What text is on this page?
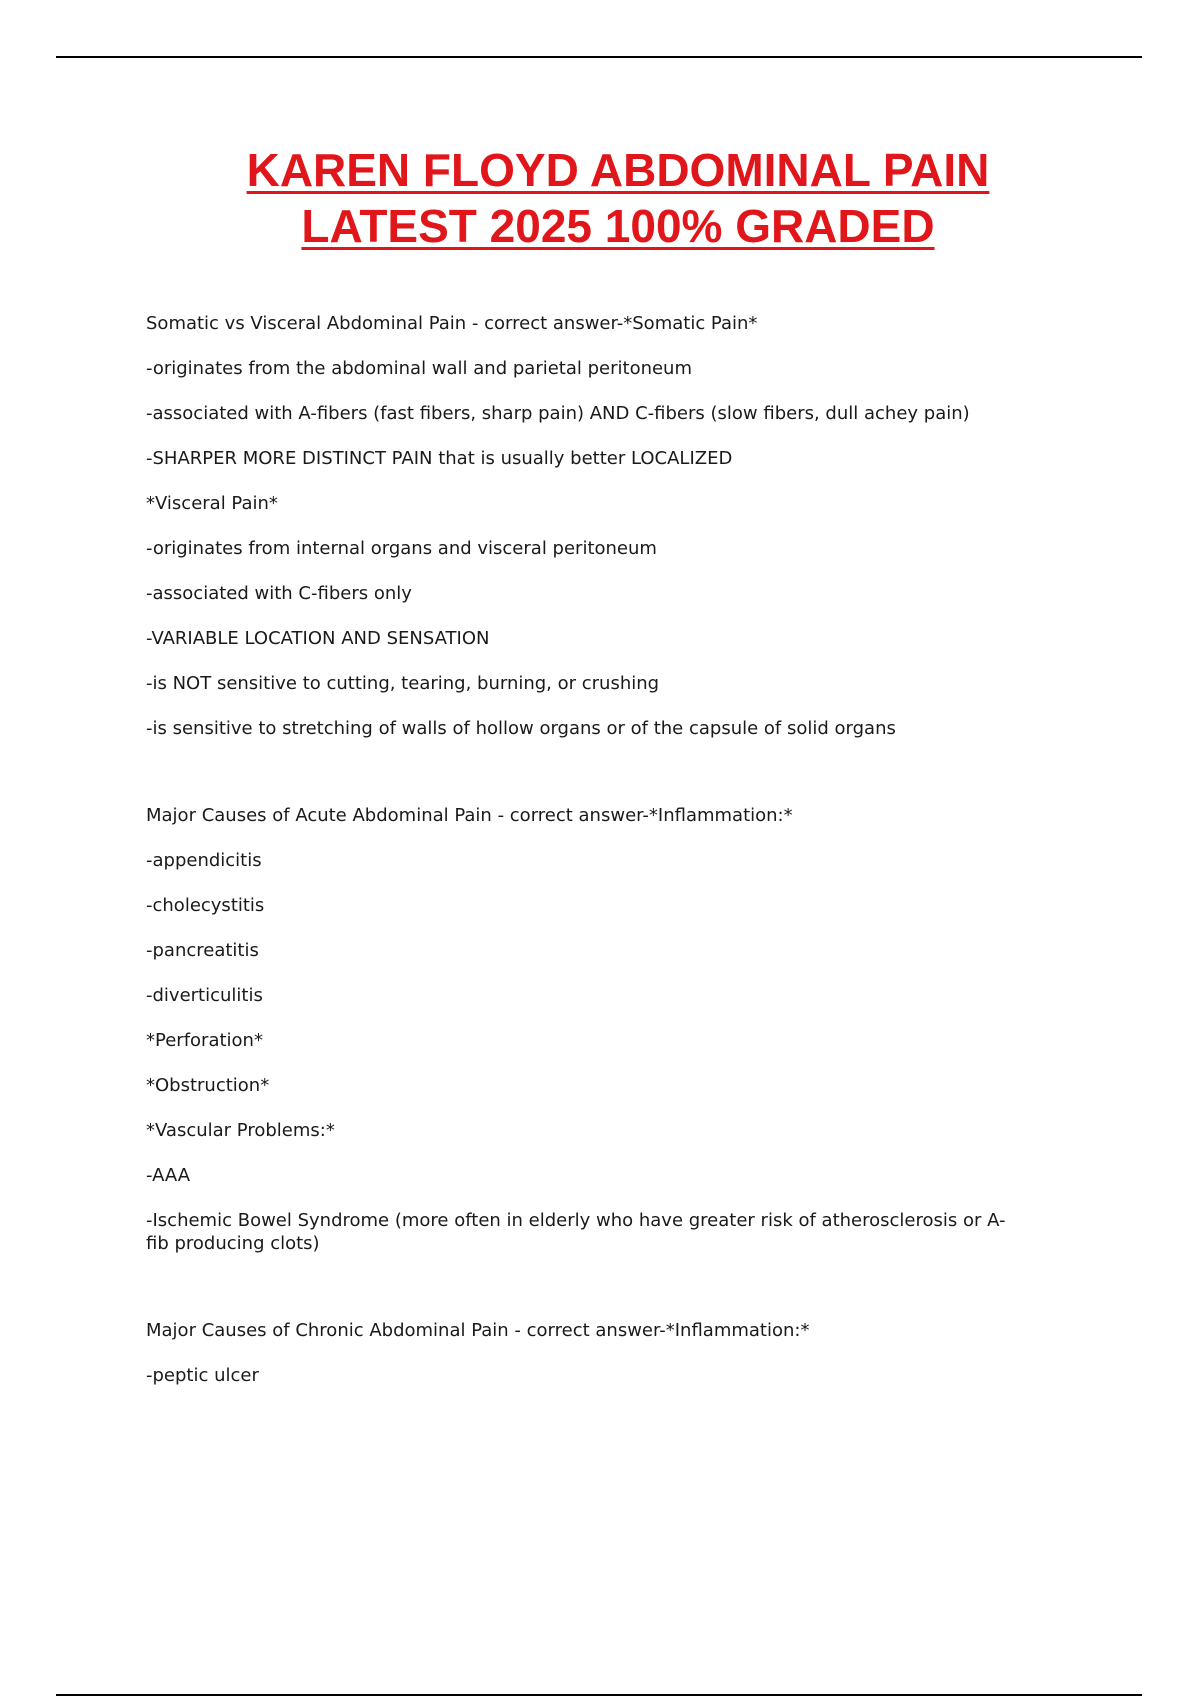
KAREN FLOYD ABDOMINAL PAIN
LATEST 2025 100% GRADED

Somatic vs Visceral Abdominal Pain - correct answer-*Somatic Pain*

-originates from the abdominal wall and parietal peritoneum

-associated with A-fibers (fast fibers, sharp pain) AND C-fibers (slow fibers, dull achey pain)

-SHARPER MORE DISTINCT PAIN that is usually better LOCALIZED

*Visceral Pain*

-originates from internal organs and visceral peritoneum

-associated with C-fibers only

-VARIABLE LOCATION AND SENSATION

-is NOT sensitive to cutting, tearing, burning, or crushing

-is sensitive to stretching of walls of hollow organs or of the capsule of solid organs

Major Causes of Acute Abdominal Pain - correct answer-*Inflammation:*

-appendicitis

-cholecystitis

-pancreatitis

-diverticulitis

*Perforation*

*Obstruction*

*Vascular Problems:*

-AAA

-Ischemic Bowel Syndrome (more often in elderly who have greater risk of atherosclerosis or A-fib producing clots)

Major Causes of Chronic Abdominal Pain - correct answer-*Inflammation:*

-peptic ulcer
